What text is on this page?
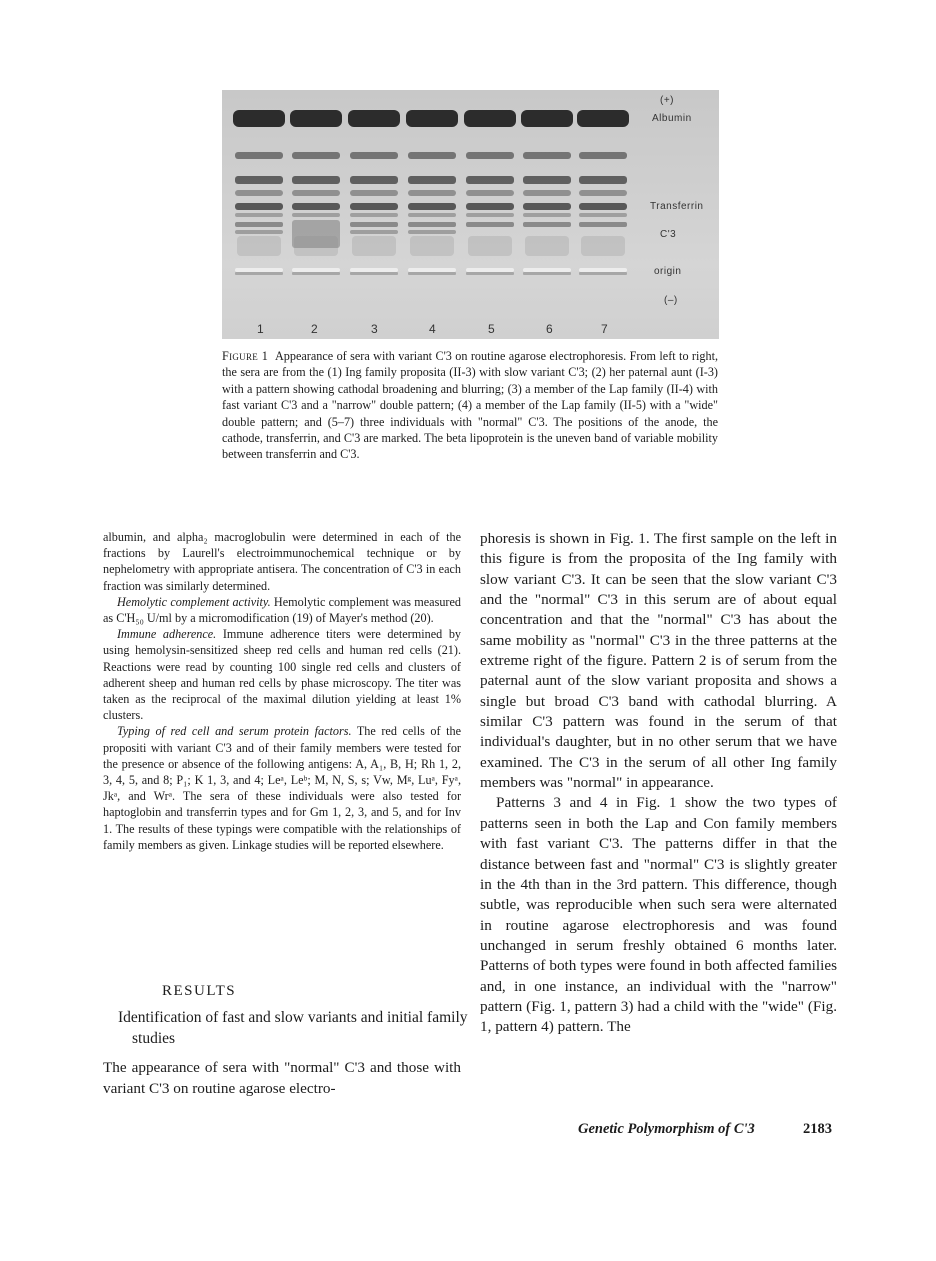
(+)
Albumin
Transferrin
C'3
origin
(–)
1	2	3	4	5	6	7
Figure 1 Appearance of sera with variant C'3 on routine agarose electrophoresis. From left to right, the sera are from the (1) Ing family proposita (II-3) with slow variant C'3; (2) her paternal aunt (I-3) with a pattern showing cathodal broadening and blurring; (3) a member of the Lap family (II-4) with fast variant C'3 and a "narrow" double pattern; (4) a member of the Lap family (II-5) with a "wide" double pattern; and (5–7) three individuals with "normal" C'3. The positions of the anode, the cathode, transferrin, and C'3 are marked. The beta lipoprotein is the uneven band of variable mobility between transferrin and C'3.

albumin, and alpha₂ macroglobulin were determined in each of the fractions by Laurell's electroimmunochemical technique or by nephelometry with appropriate antisera. The concentration of C'3 in each fraction was similarly determined.

Hemolytic complement activity. Hemolytic complement was measured as C'H₅₀ U/ml by a micromodification (19) of Mayer's method (20).

Immune adherence. Immune adherence titers were determined by using hemolysin-sensitized sheep red cells and human red cells (21). Reactions were read by counting 100 single red cells and clusters of adherent sheep and human red cells by phase microscopy. The titer was taken as the reciprocal of the maximal dilution yielding at least 1% clusters.

Typing of red cell and serum protein factors. The red cells of the propositi with variant C'3 and of their family members were tested for the presence or absence of the following antigens: A, A₁, B, H; Rh 1, 2, 3, 4, 5, and 8; P₁; K 1, 3, and 4; Leᵃ, Leᵇ; M, N, S, s; Vw, Mᵍ, Luᵃ, Fyᵃ, Jkᵃ, and Wrᵃ. The sera of these individuals were also tested for haptoglobin and transferrin types and for Gm 1, 2, 3, and 5, and for Inv 1. The results of these typings were compatible with the relationships of family members as given. Linkage studies will be reported elsewhere.

RESULTS
Identification of fast and slow variants and initial family studies
The appearance of sera with "normal" C'3 and those with variant C'3 on routine agarose electro-

phoresis is shown in Fig. 1. The first sample on the left in this figure is from the proposita of the Ing family with slow variant C'3. It can be seen that the slow variant C'3 and the "normal" C'3 in this serum are of about equal concentration and that the "normal" C'3 has about the same mobility as "normal" C'3 in the three patterns at the extreme right of the figure. Pattern 2 is of serum from the paternal aunt of the slow variant proposita and shows a single but broad C'3 band with cathodal blurring. A similar C'3 pattern was found in the serum of that individual's daughter, but in no other serum that we have examined. The C'3 in the serum of all other Ing family members was "normal" in appearance.

Patterns 3 and 4 in Fig. 1 show the two types of patterns seen in both the Lap and Con family members with fast variant C'3. The patterns differ in that the distance between fast and "normal" C'3 is slightly greater in the 4th than in the 3rd pattern. This difference, though subtle, was reproducible when such sera were alternated in routine agarose electrophoresis and was found unchanged in serum freshly obtained 6 months later. Patterns of both types were found in both affected families and, in one instance, an individual with the "narrow" pattern (Fig. 1, pattern 3) had a child with the "wide" (Fig. 1, pattern 4) pattern. The

Genetic Polymorphism of C'3	2183
